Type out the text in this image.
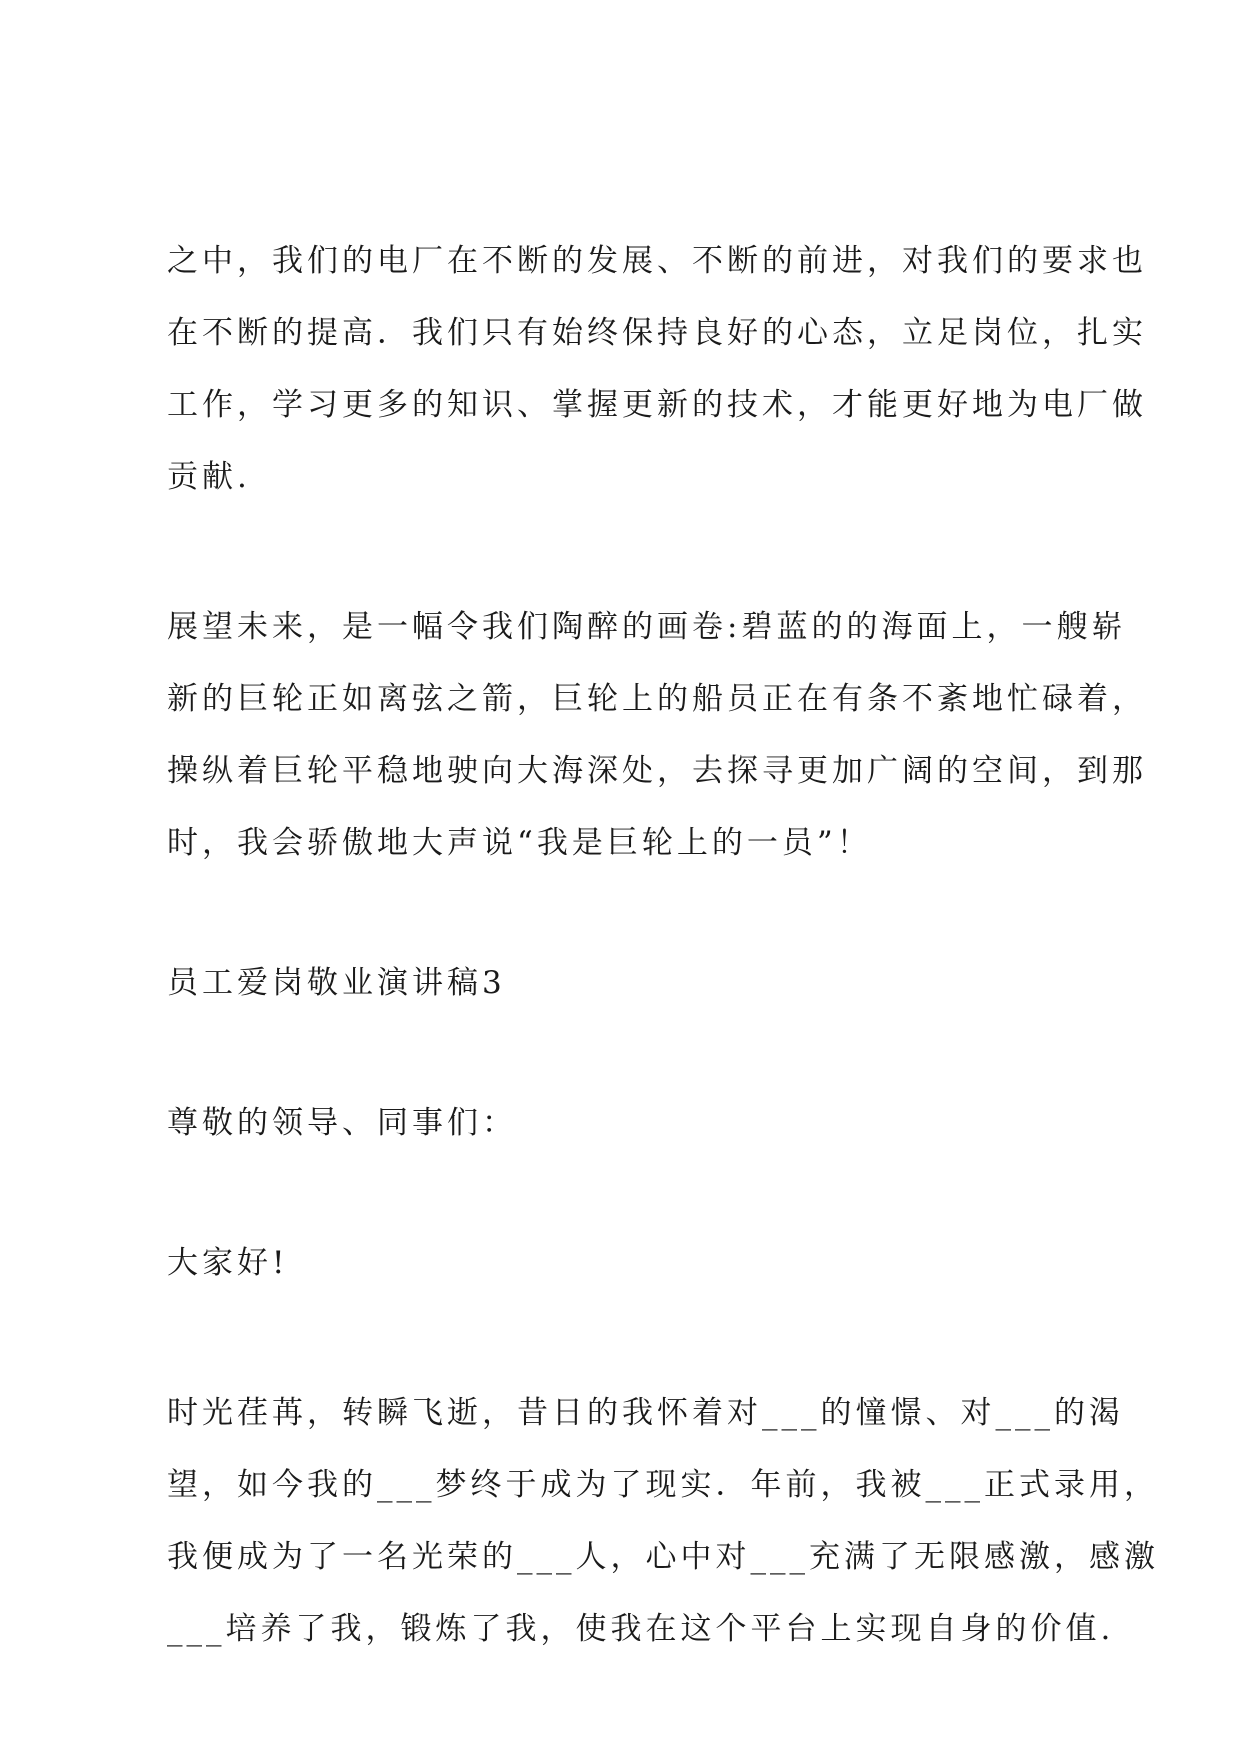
之中，我们的电厂在不断的发展、不断的前进，对我们的要求也
在不断的提高．我们只有始终保持良好的心态，立足岗位，扎实
工作，学习更多的知识、掌握更新的技术，才能更好地为电厂做
贡献.
展望未来，是一幅令我们陶醉的画卷:碧蓝的的海面上，一艘崭
新的巨轮正如离弦之箭，巨轮上的船员正在有条不紊地忙碌着，
操纵着巨轮平稳地驶向大海深处，去探寻更加广阔的空间，到那
时，我会骄傲地大声说“我是巨轮上的一员”！
员工爱岗敬业演讲稿3
尊敬的领导、同事们：
大家好!
时光荏苒，转瞬飞逝，昔日的我怀着对___的憧憬、对___的渴
望，如今我的___梦终于成为了现实．年前，我被___正式录用，
我便成为了一名光荣的___人，心中对___充满了无限感激，感激
___培养了我，锻炼了我，使我在这个平台上实现自身的价值.
